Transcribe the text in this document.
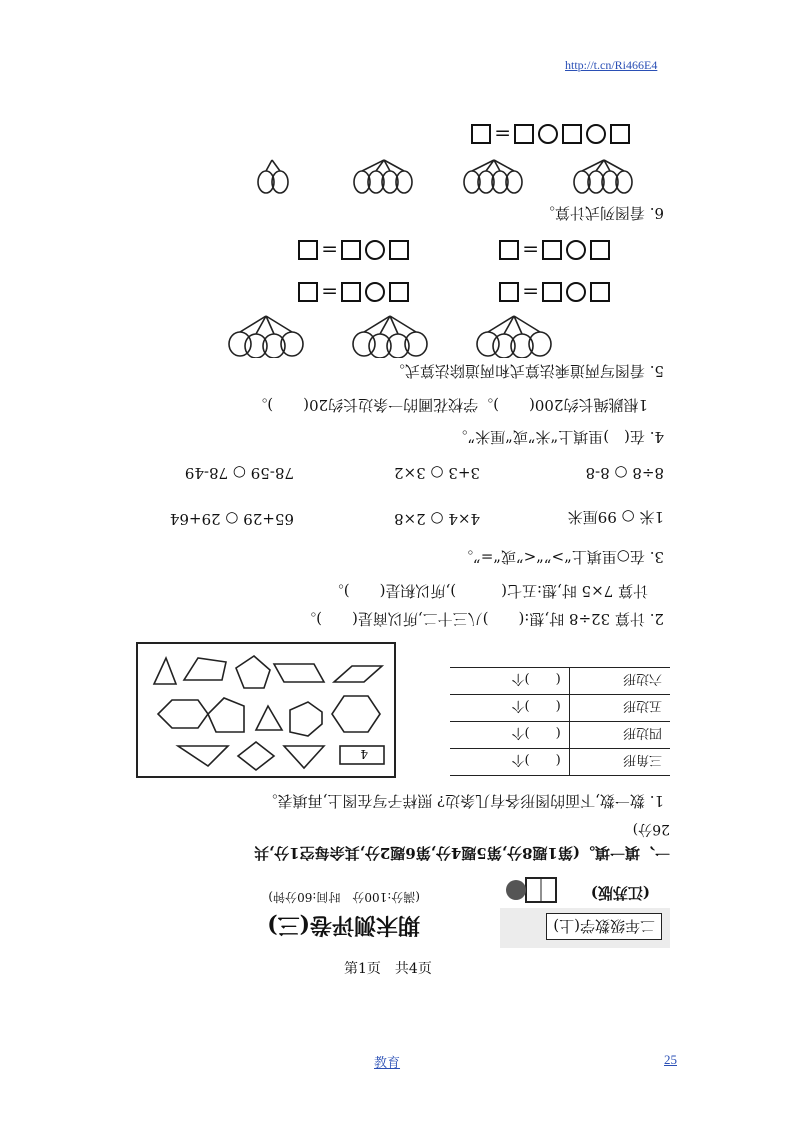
http://t.cn/Ri466E4
二年级数学(上)
(江苏版)
期末测评卷(三)
(满分:100分　时间:60分钟)
一、填一填。(第1题8分,第5题4分,第6题2分,其余每空1分,共
26分)
1. 数一数,下面的图形各有几条边? 照样子写在图上,再填表。
三角形	(　　)个
四边形	(　　)个
五边形	(　　)个
六边形	(　　)个
4
2. 计算 32÷8 时,想:(　　)八三十二,所以商是(　　)。
计算 7×5 时,想:五七(　　　),所以积是(　　)。
3. 在○里填上“>”“<”或“=”。
1米 ○ 99厘米
4×4 ○ 2×8
65+29 ○ 29+64
8÷8 ○ 8-8
3+3 ○ 3×2
78-59 ○ 78-49
4. 在(　)里填上“米”或“厘米”。
1根跳绳长约200(　　)。学校花圃的一条边长约20(　　)。
5. 看图写两道乘法算式和两道除法算式。
=  =
=  =
6. 看图列式计算。
=
第1页　共4页
教育	25
